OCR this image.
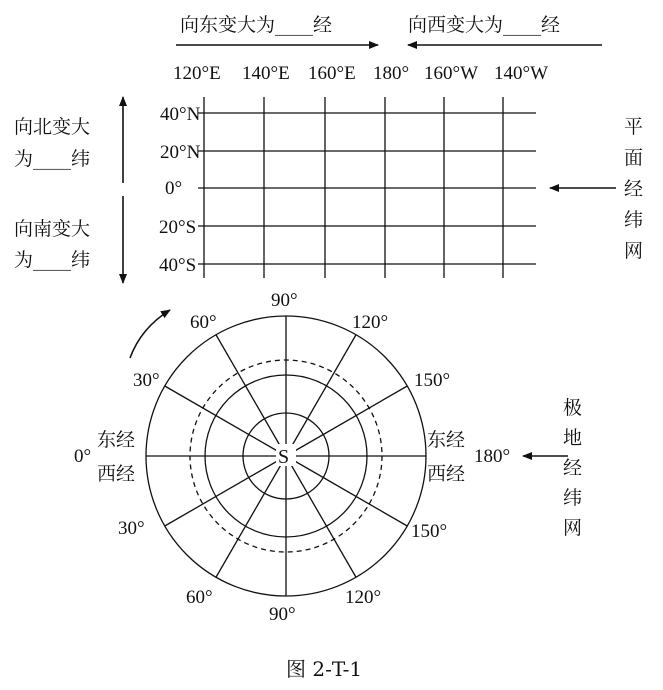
向东变大为____经	向西变大为____经
120°E 140°E 160°E 180° 160°W 140°W
40°N
20°N
0°
20°S
40°S
向北变大
为____纬
向南变大
为____纬
平
面
经
纬
网
S
90°
60°	120°
30°	150°
30°	150°
60°	120°
90°
0°	180°
东经
西经
东经
西经
极
地
经
纬
网
图 2-T-1
